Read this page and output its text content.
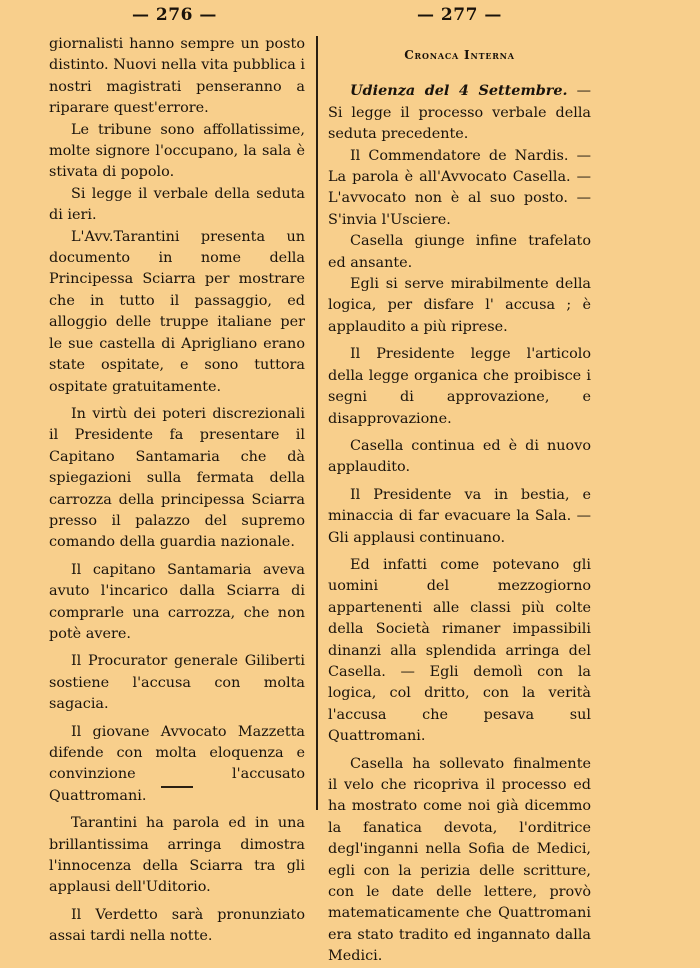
— 276 —	— 277 —

giornalisti hanno sempre un posto distinto. Nuovi nella vita pubblica i nostri magistrati penseranno a riparare quest'errore.

Le tribune sono affollatissime, molte signore l'occupano, la sala è stivata di popolo.

Si legge il verbale della seduta di ieri.

L'Avv.Tarantini presenta un documento in nome della Principessa Sciarra per mostrare che in tutto il passaggio, ed alloggio delle truppe italiane per le sue castella di Aprigliano erano state ospitate, e sono tuttora ospitate gratuitamente.

In virtù dei poteri discrezionali il Presidente fa presentare il Capitano Santamaria che dà spiegazioni sulla fermata della carrozza della principessa Sciarra presso il palazzo del supremo comando della guardia nazionale.

Il capitano Santamaria aveva avuto l'incarico dalla Sciarra di comprarle una carrozza, che non potè avere.

Il Procurator generale Giliberti sostiene l'accusa con molta sagacia.

Il giovane Avvocato Mazzetta difende con molta eloquenza e convinzione l'accusato Quattromani.

Tarantini ha parola ed in una brillantissima arringa dimostra l'innocenza della Sciarra tra gli applausi dell'Uditorio.

Il Verdetto sarà pronunziato assai tardi nella notte.

Cronaca Interna

Udienza del 4 Settembre. — Si legge il processo verbale della seduta precedente.

Il Commendatore de Nardis. — La parola è all'Avvocato Casella. — L'avvocato non è al suo posto. — S'invia l'Usciere.

Casella giunge infine trafelato ed ansante.

Egli si serve mirabilmente della logica, per disfare l' accusa ; è applaudito a più riprese.

Il Presidente legge l'articolo della legge organica che proibisce i segni di approvazione, e disapprovazione.

Casella continua ed è di nuovo applaudito.

Il Presidente va in bestia, e minaccia di far evacuare la Sala. — Gli applausi continuano.

Ed infatti come potevano gli uomini del mezzogiorno appartenenti alle classi più colte della Società rimaner impassibili dinanzi alla splendida arringa del Casella. — Egli demolì con la logica, col dritto, con la verità l'accusa che pesava sul Quattromani.

Casella ha sollevato finalmente il velo che ricopriva il processo ed ha mostrato come noi già dicemmo la fanatica devota, l'orditrice degl'inganni nella Sofia de Medici, egli con la perizia delle scritture, con le date delle lettere, provò matematicamente che Quattromani era stato tradito ed ingannato dalla Medici.
